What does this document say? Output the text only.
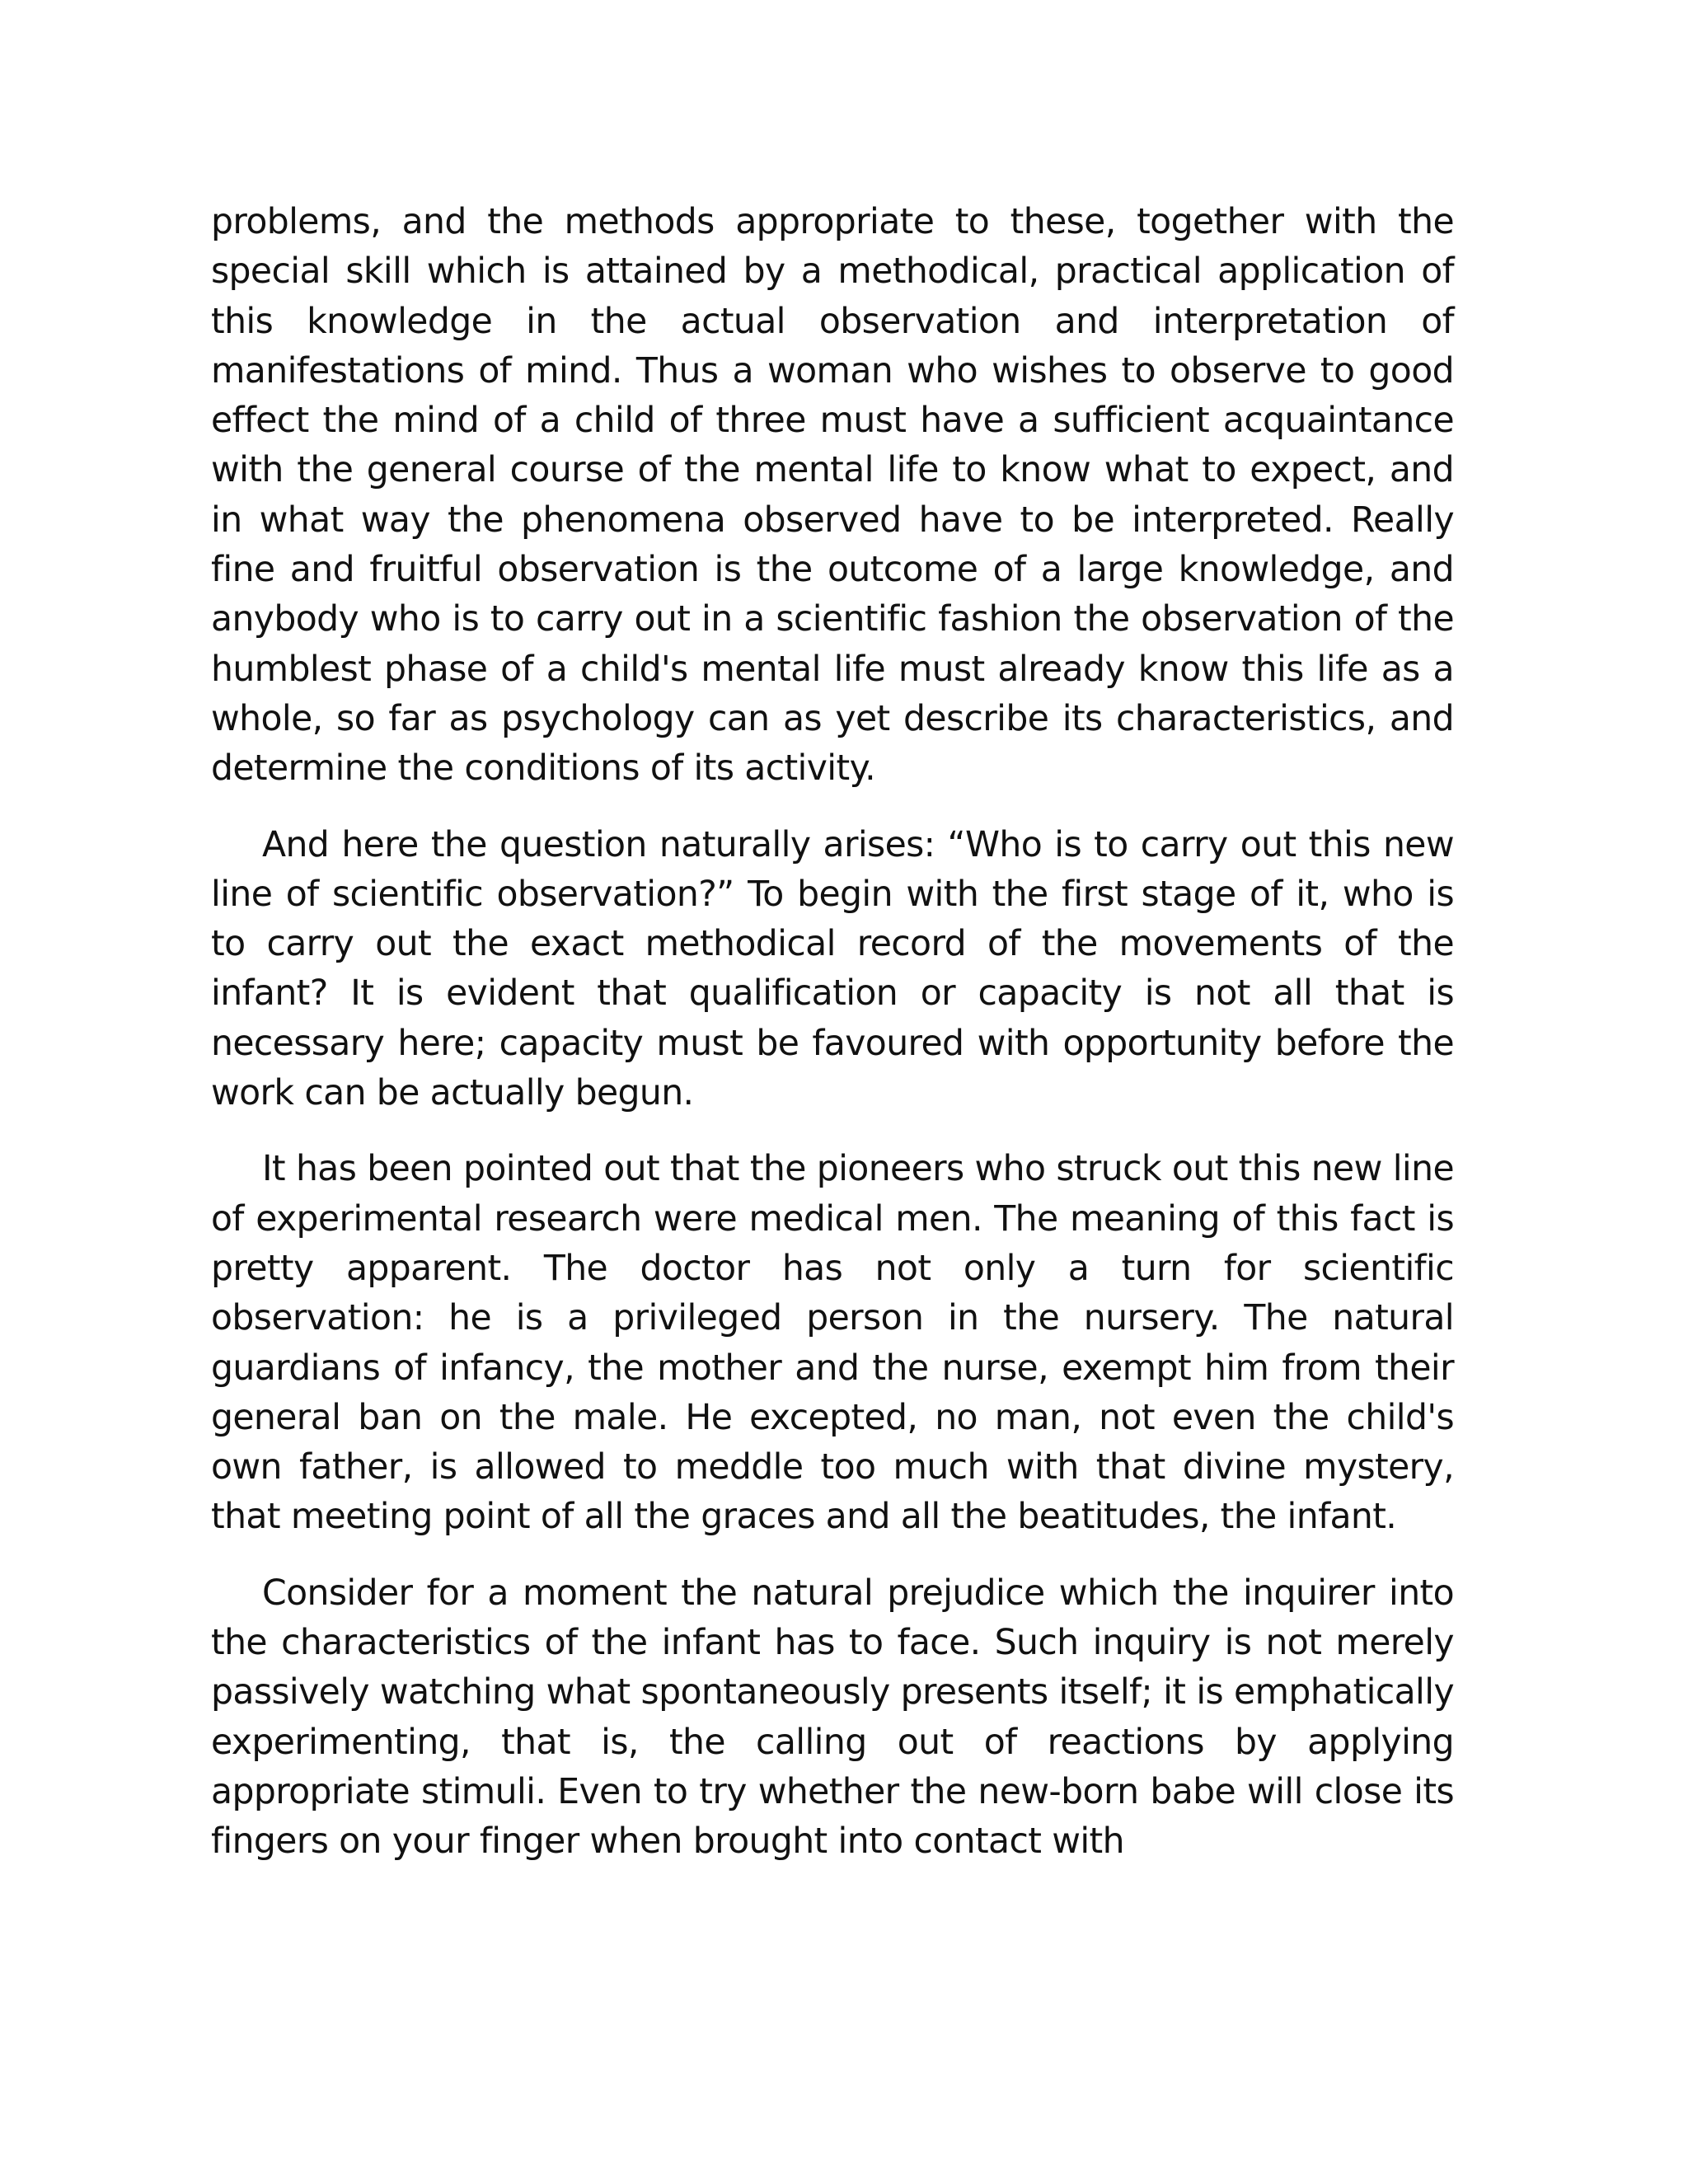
problems, and the methods appropriate to these, together with the special skill which is attained by a methodical, practical application of this knowledge in the actual observation and interpretation of manifestations of mind. Thus a woman who wishes to observe to good effect the mind of a child of three must have a sufficient acquaintance with the general course of the mental life to know what to expect, and in what way the phenomena observed have to be interpreted. Really fine and fruitful observation is the outcome of a large knowledge, and anybody who is to carry out in a scientific fashion the observation of the humblest phase of a child's mental life must already know this life as a whole, so far as psychology can as yet describe its characteristics, and determine the conditions of its activity.

And here the question naturally arises: “Who is to carry out this new line of scientific observation?” To begin with the first stage of it, who is to carry out the exact methodical record of the movements of the infant? It is evident that qualification or capacity is not all that is necessary here; capacity must be favoured with opportunity before the work can be actually begun.

It has been pointed out that the pioneers who struck out this new line of experimental research were medical men. The meaning of this fact is pretty apparent. The doctor has not only a turn for scientific observation: he is a privileged person in the nursery. The natural guardians of infancy, the mother and the nurse, exempt him from their general ban on the male. He excepted, no man, not even the child's own father, is allowed to meddle too much with that divine mystery, that meeting point of all the graces and all the beatitudes, the infant.

Consider for a moment the natural prejudice which the inquirer into the characteristics of the infant has to face. Such inquiry is not merely passively watching what spontaneously presents itself; it is emphatically experimenting, that is, the calling out of reactions by applying appropriate stimuli. Even to try whether the new-born babe will close its fingers on your finger when brought into contact with
